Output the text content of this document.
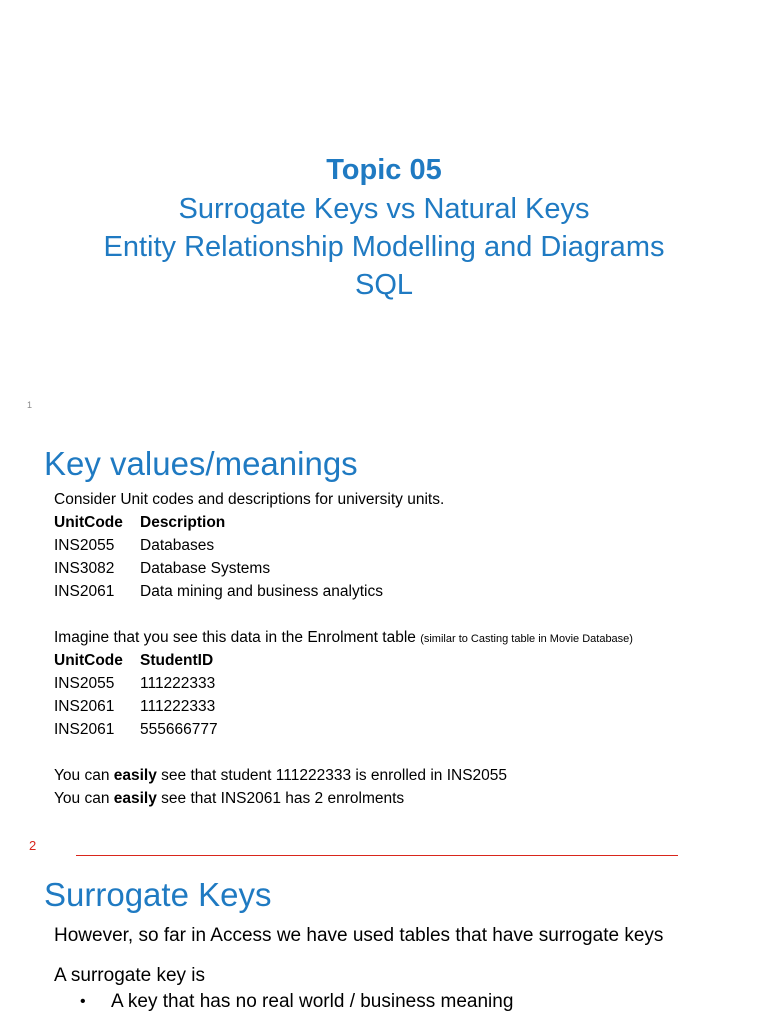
Topic 05
Surrogate Keys vs Natural Keys
Entity Relationship Modelling and Diagrams
SQL
1
Key values/meanings
Consider Unit codes and descriptions for university units.
UnitCode	Description
INS2055	Databases
INS3082	Database Systems
INS2061	Data mining and business analytics
Imagine that you see this data in the Enrolment table (similar to Casting table in Movie Database)
UnitCode	StudentID
INS2055	111222333
INS2061	111222333
INS2061	555666777
You can easily see that student 111222333 is enrolled in INS2055
You can easily see that INS2061 has 2 enrolments
2
Surrogate Keys
However, so far in Access we have used tables that have surrogate keys
A surrogate key is
•	A key that has no real world / business meaning
